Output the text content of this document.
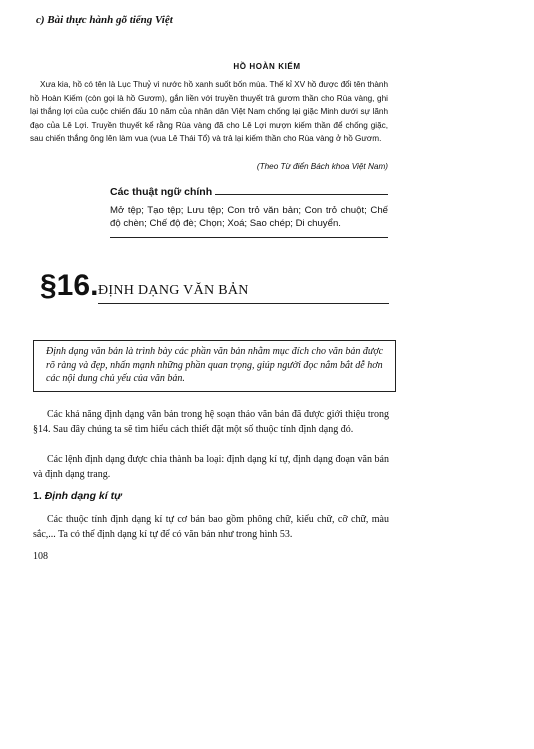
c) Bài thực hành gõ tiếng Việt
HỒ HOÀN KIẾM

Xưa kia, hồ có tên là Lục Thuỷ vì nước hồ xanh suốt bốn mùa. Thế kỉ XV hồ được đổi tên thành hồ Hoàn Kiếm (còn gọi là hồ Gươm), gắn liền với truyền thuyết trả gươm thần cho Rùa vàng, ghi lại thắng lợi của cuộc chiến đấu 10 năm của nhân dân Việt Nam chống lại giặc Minh dưới sự lãnh đạo của Lê Lợi. Truyền thuyết kể rằng Rùa vàng đã cho Lê Lợi mượn kiếm thần để chống giặc, sau chiến thắng ông lên làm vua (vua Lê Thái Tổ) và trả lại kiếm thần cho Rùa vàng ở hồ Gươm.

(Theo Từ điển Bách khoa Việt Nam)
Các thuật ngữ chính
Mở tệp; Tạo tệp; Lưu tệp; Con trỏ văn bản; Con trỏ chuột; Chế độ chèn; Chế độ đè; Chọn; Xoá; Sao chép; Di chuyển.
§16. ĐỊNH DẠNG VĂN BẢN
Định dạng văn bản là trình bày các phần văn bản nhằm mục đích cho văn bản được rõ ràng và đẹp, nhấn mạnh những phần quan trọng, giúp người đọc nắm bắt dễ hơn các nội dung chủ yếu của văn bản.

Các khả năng định dạng văn bản trong hệ soạn thảo văn bản đã được giới thiệu trong §14. Sau đây chúng ta sẽ tìm hiểu cách thiết đặt một số thuộc tính định dạng đó.

Các lệnh định dạng được chia thành ba loại: định dạng kí tự, định dạng đoạn văn bản và định dạng trang.

1. Định dạng kí tự

Các thuộc tính định dạng kí tự cơ bản bao gồm phông chữ, kiểu chữ, cỡ chữ, màu sắc,... Ta có thể định dạng kí tự để có văn bản như trong hình 53.

108
